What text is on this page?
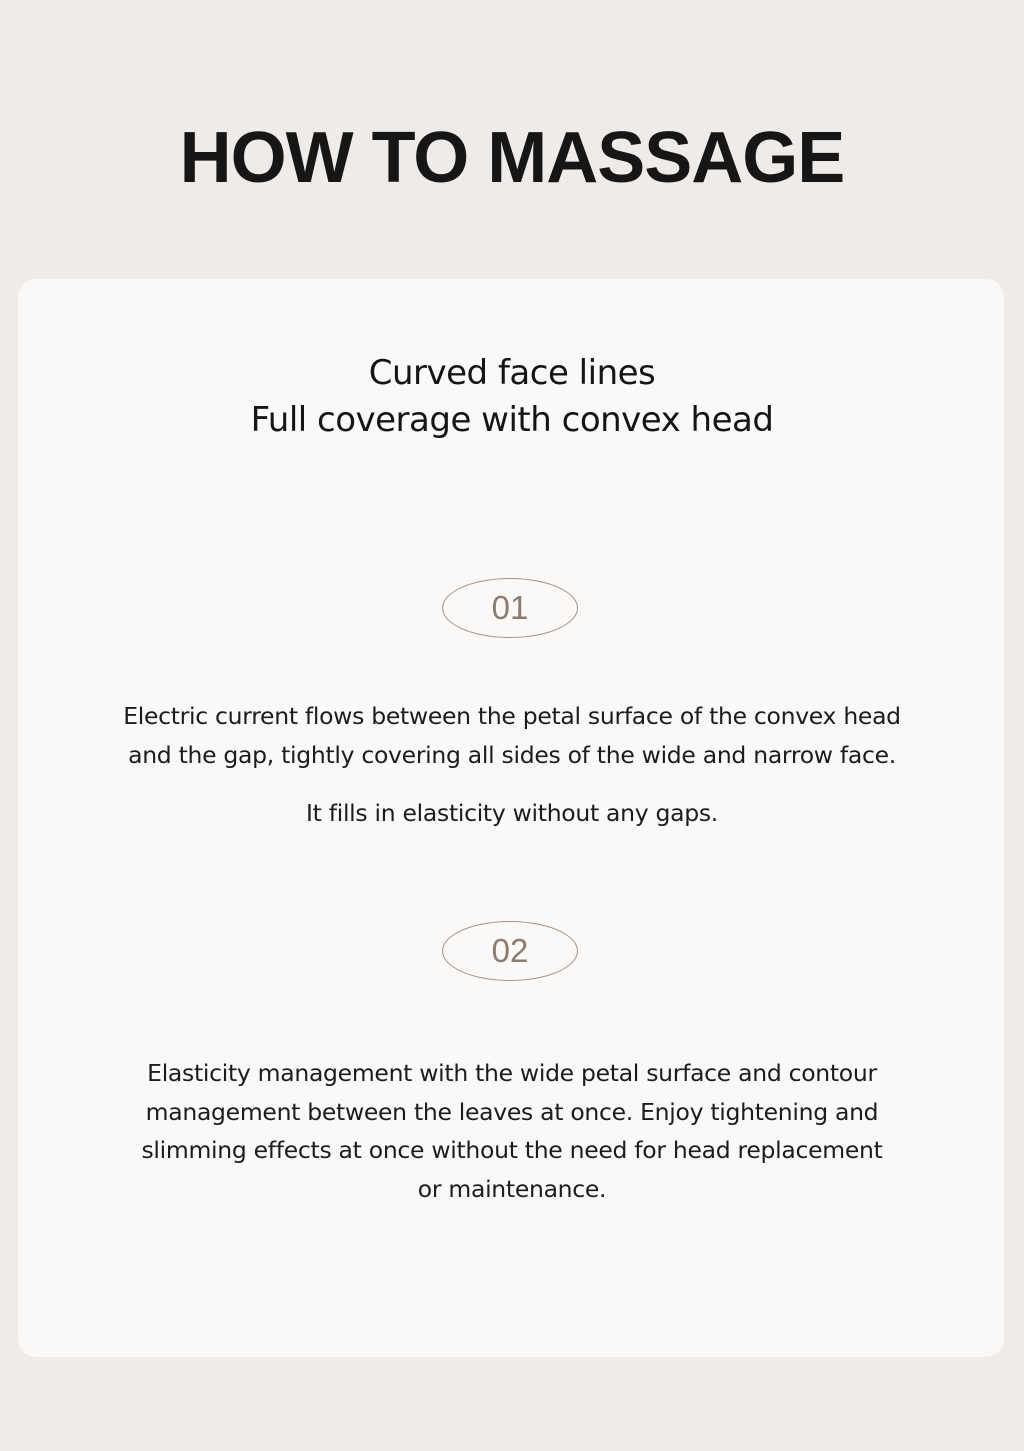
HOW TO MASSAGE
Curved face lines
Full coverage with convex head
01
Electric current flows between the petal surface of the convex head
and the gap, tightly covering all sides of the wide and narrow face.
It fills in elasticity without any gaps.
02
Elasticity management with the wide petal surface and contour
management between the leaves at once. Enjoy tightening and
slimming effects at once without the need for head replacement
or maintenance.
